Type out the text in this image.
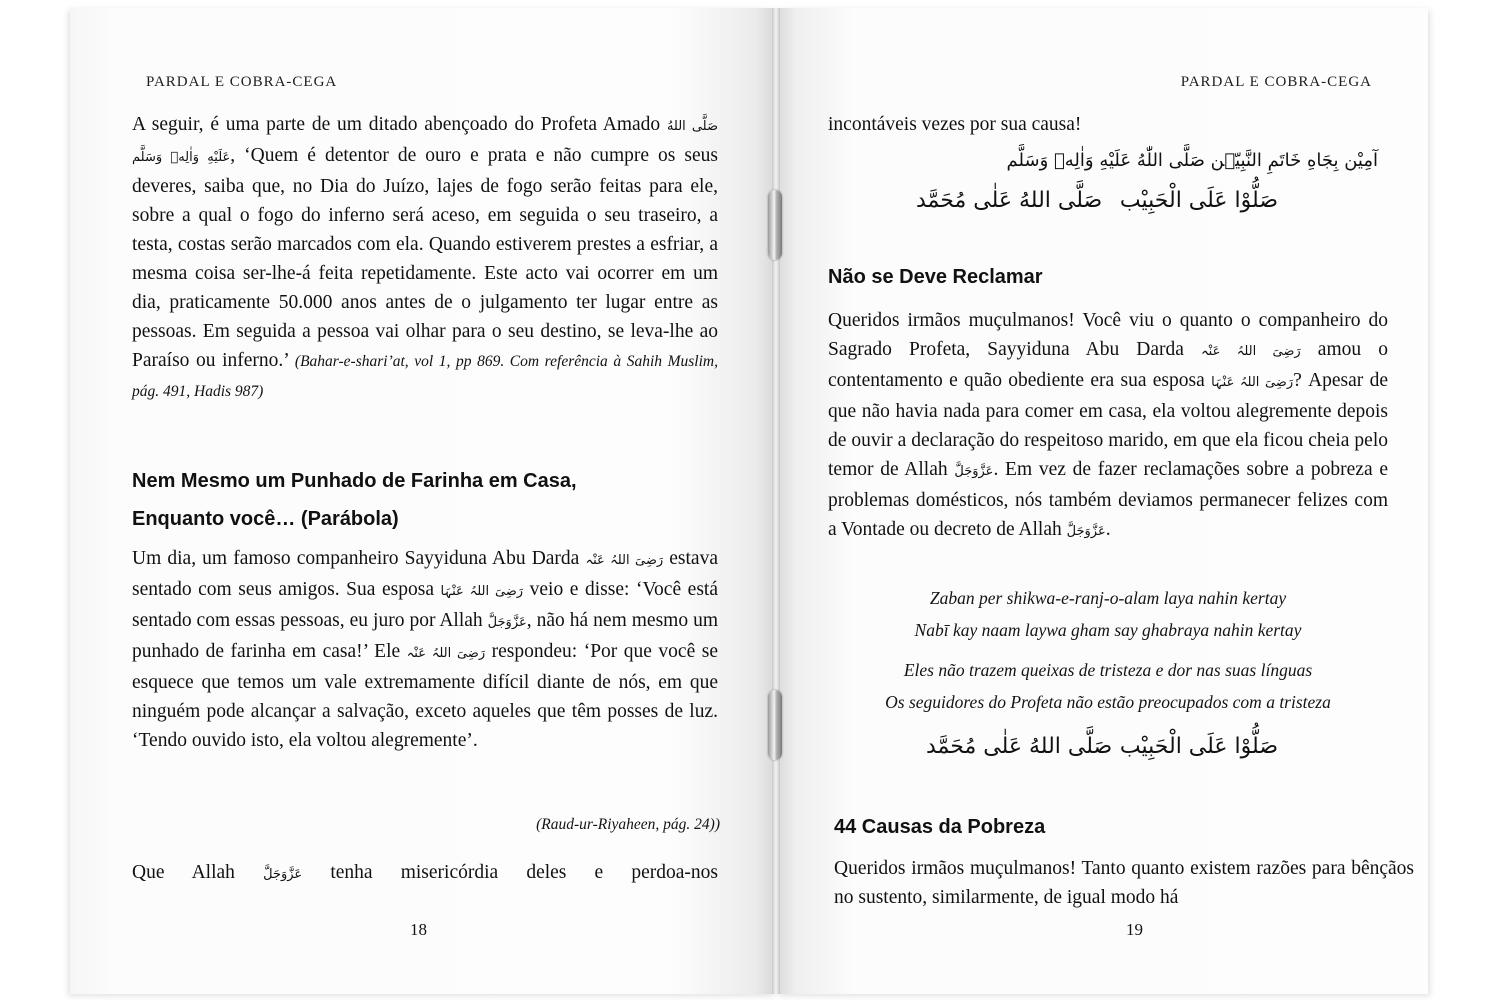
PARDAL E COBRA-CEGA
A seguir, é uma parte de um ditado abençoado do Profeta Amado صَلَّى اللهُ عَلَيْهِ وَاٰلِهٖ وَسَلَّم, ‘Quem é detentor de ouro e prata e não cumpre os seus deveres, saiba que, no Dia do Juízo, lajes de fogo serão feitas para ele, sobre a qual o fogo do inferno será aceso, em seguida o seu traseiro, a testa, costas serão marcados com ela. Quando estiverem prestes a esfriar, a mesma coisa ser-lhe-á feita repetidamente. Este acto vai ocorrer em um dia, praticamente 50.000 anos antes de o julgamento ter lugar entre as pessoas. Em seguida a pessoa vai olhar para o seu destino, se leva-lhe ao Paraíso ou inferno.’ (Bahar-e-shari’at, vol 1, pp 869. Com referência à Sahih Muslim, pág. 491, Hadis 987)
Nem Mesmo um Punhado de Farinha em Casa,
Enquanto você… (Parábola)
Um dia, um famoso companheiro Sayyiduna Abu Darda رَضِیَ اللہُ عَنْہ estava sentado com seus amigos. Sua esposa رَضِیَ اللہُ عَنْہَا veio e disse: ‘Você está sentado com essas pessoas, eu juro por Allah عَزَّوَجَلَّ, não há nem mesmo um punhado de farinha em casa!’ Ele رَضِیَ اللہُ عَنْہ respondeu: ‘Por que você se esquece que temos um vale extremamente difícil diante de nós, em que ninguém pode alcançar a salvação, exceto aqueles que têm posses de luz. ‘Tendo ouvido isto, ela voltou alegremente’.
(Raud-ur-Riyaheen, pág. 24))
Que Allah عَزَّوَجَلَّ tenha misericórdia deles e perdoa-nos
18
PARDAL E COBRA-CEGA
incontáveis vezes por sua causa!
آمِيْن بِجَاهِ خَاتَمِ النَّبِيّٖن صَلَّى اللّٰهُ عَلَيْهِ وَاٰلِهٖ وَسَلَّم
صَلُّوْا عَلَى الْحَبِيْب
صَلَّى اللهُ عَلٰى مُحَمَّد
Não se Deve Reclamar
Queridos irmãos muçulmanos! Você viu o quanto o companheiro do Sagrado Profeta, Sayyiduna Abu Darda رَضِیَ اللہُ عَنْہ amou o contentamento e quão obediente era sua esposa رَضِیَ اللہُ عَنْہَا? Apesar de que não havia nada para comer em casa, ela voltou alegremente depois de ouvir a declaração do respeitoso marido, em que ela ficou cheia pelo temor de Allah عَزَّوَجَلَّ. Em vez de fazer reclamações sobre a pobreza e problemas domésticos, nós também deviamos permanecer felizes com a Vontade ou decreto de Allah عَزَّوَجَلَّ.
Zaban per shikwa-e-ranj-o-alam laya nahin kertay
Nabī kay naam laywa gham say ghabraya nahin kertay
Eles não trazem queixas de tristeza e dor nas suas línguas
Os seguidores do Profeta não estão preocupados com a tristeza
صَلُّوْا عَلَى الْحَبِيْب
صَلَّى اللهُ عَلٰى مُحَمَّد
44 Causas da Pobreza
Queridos irmãos muçulmanos! Tanto quanto existem razões para bênçãos no sustento, similarmente, de igual modo há
19
